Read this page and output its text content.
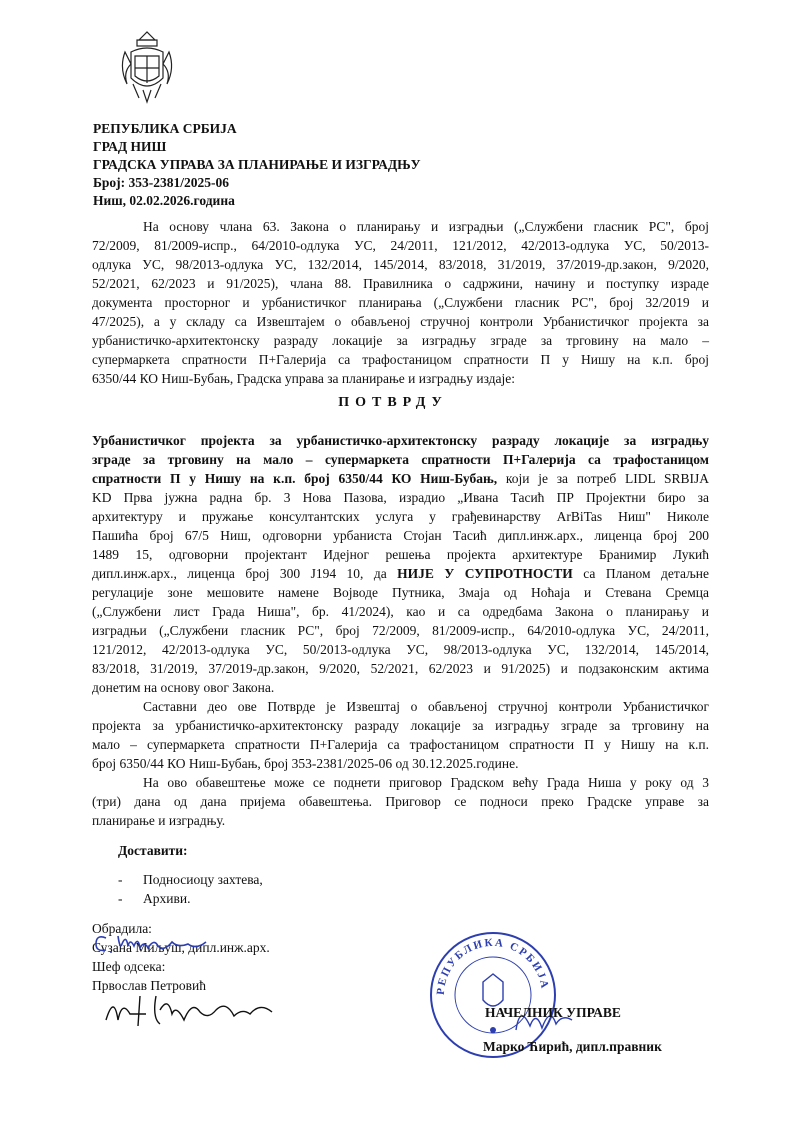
РЕПУБЛИКА СРБИЈА
ГРАД НИШ
ГРАДСКА УПРАВА ЗА ПЛАНИРАЊЕ И ИЗГРАДЊУ
Број: 353-2381/2025-06
Ниш, 02.02.2026.година
На основу члана 63. Закона о планирању и изградњи („Службени гласник РС", број
72/2009, 81/2009-испр., 64/2010-одлука УС, 24/2011, 121/2012, 42/2013-одлука УС, 50/2013-
одлука УС, 98/2013-одлука УС, 132/2014, 145/2014, 83/2018, 31/2019, 37/2019-др.закон, 9/2020,
52/2021, 62/2023 и 91/2025), члана 88. Правилника о садржини, начину и поступку израде
документа просторног и урбанистичког планирања („Службени гласник РС", број 32/2019 и
47/2025), а у складу са Извештајем о обављеној стручној контроли Урбанистичког пројекта за
урбанистичко-архитектонску разраду локације за изградњу зграде за трговину на мало –
супермаркета спратности П+Галерија са трафостаницом спратности П у Нишу на к.п. број
6350/44 КО Ниш-Бубањ, Градска управа за планирање и изградњу издаје:
ПОТВРДУ
Урбанистичког пројекта за урбанистичко-архитектонску разраду локације за изградњу
зграде за трговину на мало – супермаркета спратности П+Галерија са трафостаницом
спратности П у Нишу на к.п. број 6350/44 КО Ниш-Бубањ, који је за потреб LIDL SRBIJA
KD Прва јужна радна бр. 3 Нова Пазова, израдио „Ивана Тасић ПР Пројектни биро за
архитектуру и пружање консултантских услуга у грађевинарству ArBiTas Ниш" Николе
Пашића број 67/5 Ниш, одговорни урбаниста Стојан Тасић дипл.инж.арх., лиценца број 200
1489 15, одговорни пројектант Идејног решења пројекта архитектуре Бранимир Лукић
дипл.инж.арх., лиценца број 300 Ј194 10, да НИЈЕ У СУПРОТНОСТИ са Планом детаљне
регулације зоне мешовите намене Војводе Путника, Змаја од Ноћаја и Стевана Сремца
(„Службени лист Града Ниша", бр. 41/2024), као и са одредбама Закона о планирању и
изградњи („Службени гласник РС", број 72/2009, 81/2009-испр., 64/2010-одлука УС, 24/2011,
121/2012, 42/2013-одлука УС, 50/2013-одлука УС, 98/2013-одлука УС, 132/2014, 145/2014,
83/2018, 31/2019, 37/2019-др.закон, 9/2020, 52/2021, 62/2023 и 91/2025) и подзаконским актима
донетим на основу овог Закона.
Саставни део ове Потврде је Извештај о обављеној стручној контроли Урбанистичког
пројекта за урбанистичко-архитектонску разраду локације за изградњу зграде за трговину на
мало – супермаркета спратности П+Галерија са трафостаницом спратности П у Нишу на к.п.
број 6350/44 КО Ниш-Бубањ, број 353-2381/2025-06 од 30.12.2025.године.
На ово обавештење може се поднети приговор Градском већу Града Ниша у року од 3
(три) дана од дана пријема обавештења. Приговор се подноси преко Градске управе за
планирање и изградњу.
Доставити:
- Подносиоцу захтева,
- Архиви.
Обрадила:
Сузана Миљуш, дипл.инж.арх.
Шеф одсека:
Првослав Петровић	РЕПУБЛИКА СРБИЈА
НАЧЕЛНИК УПРАВЕ
Марко Ћирић, дипл.правник
